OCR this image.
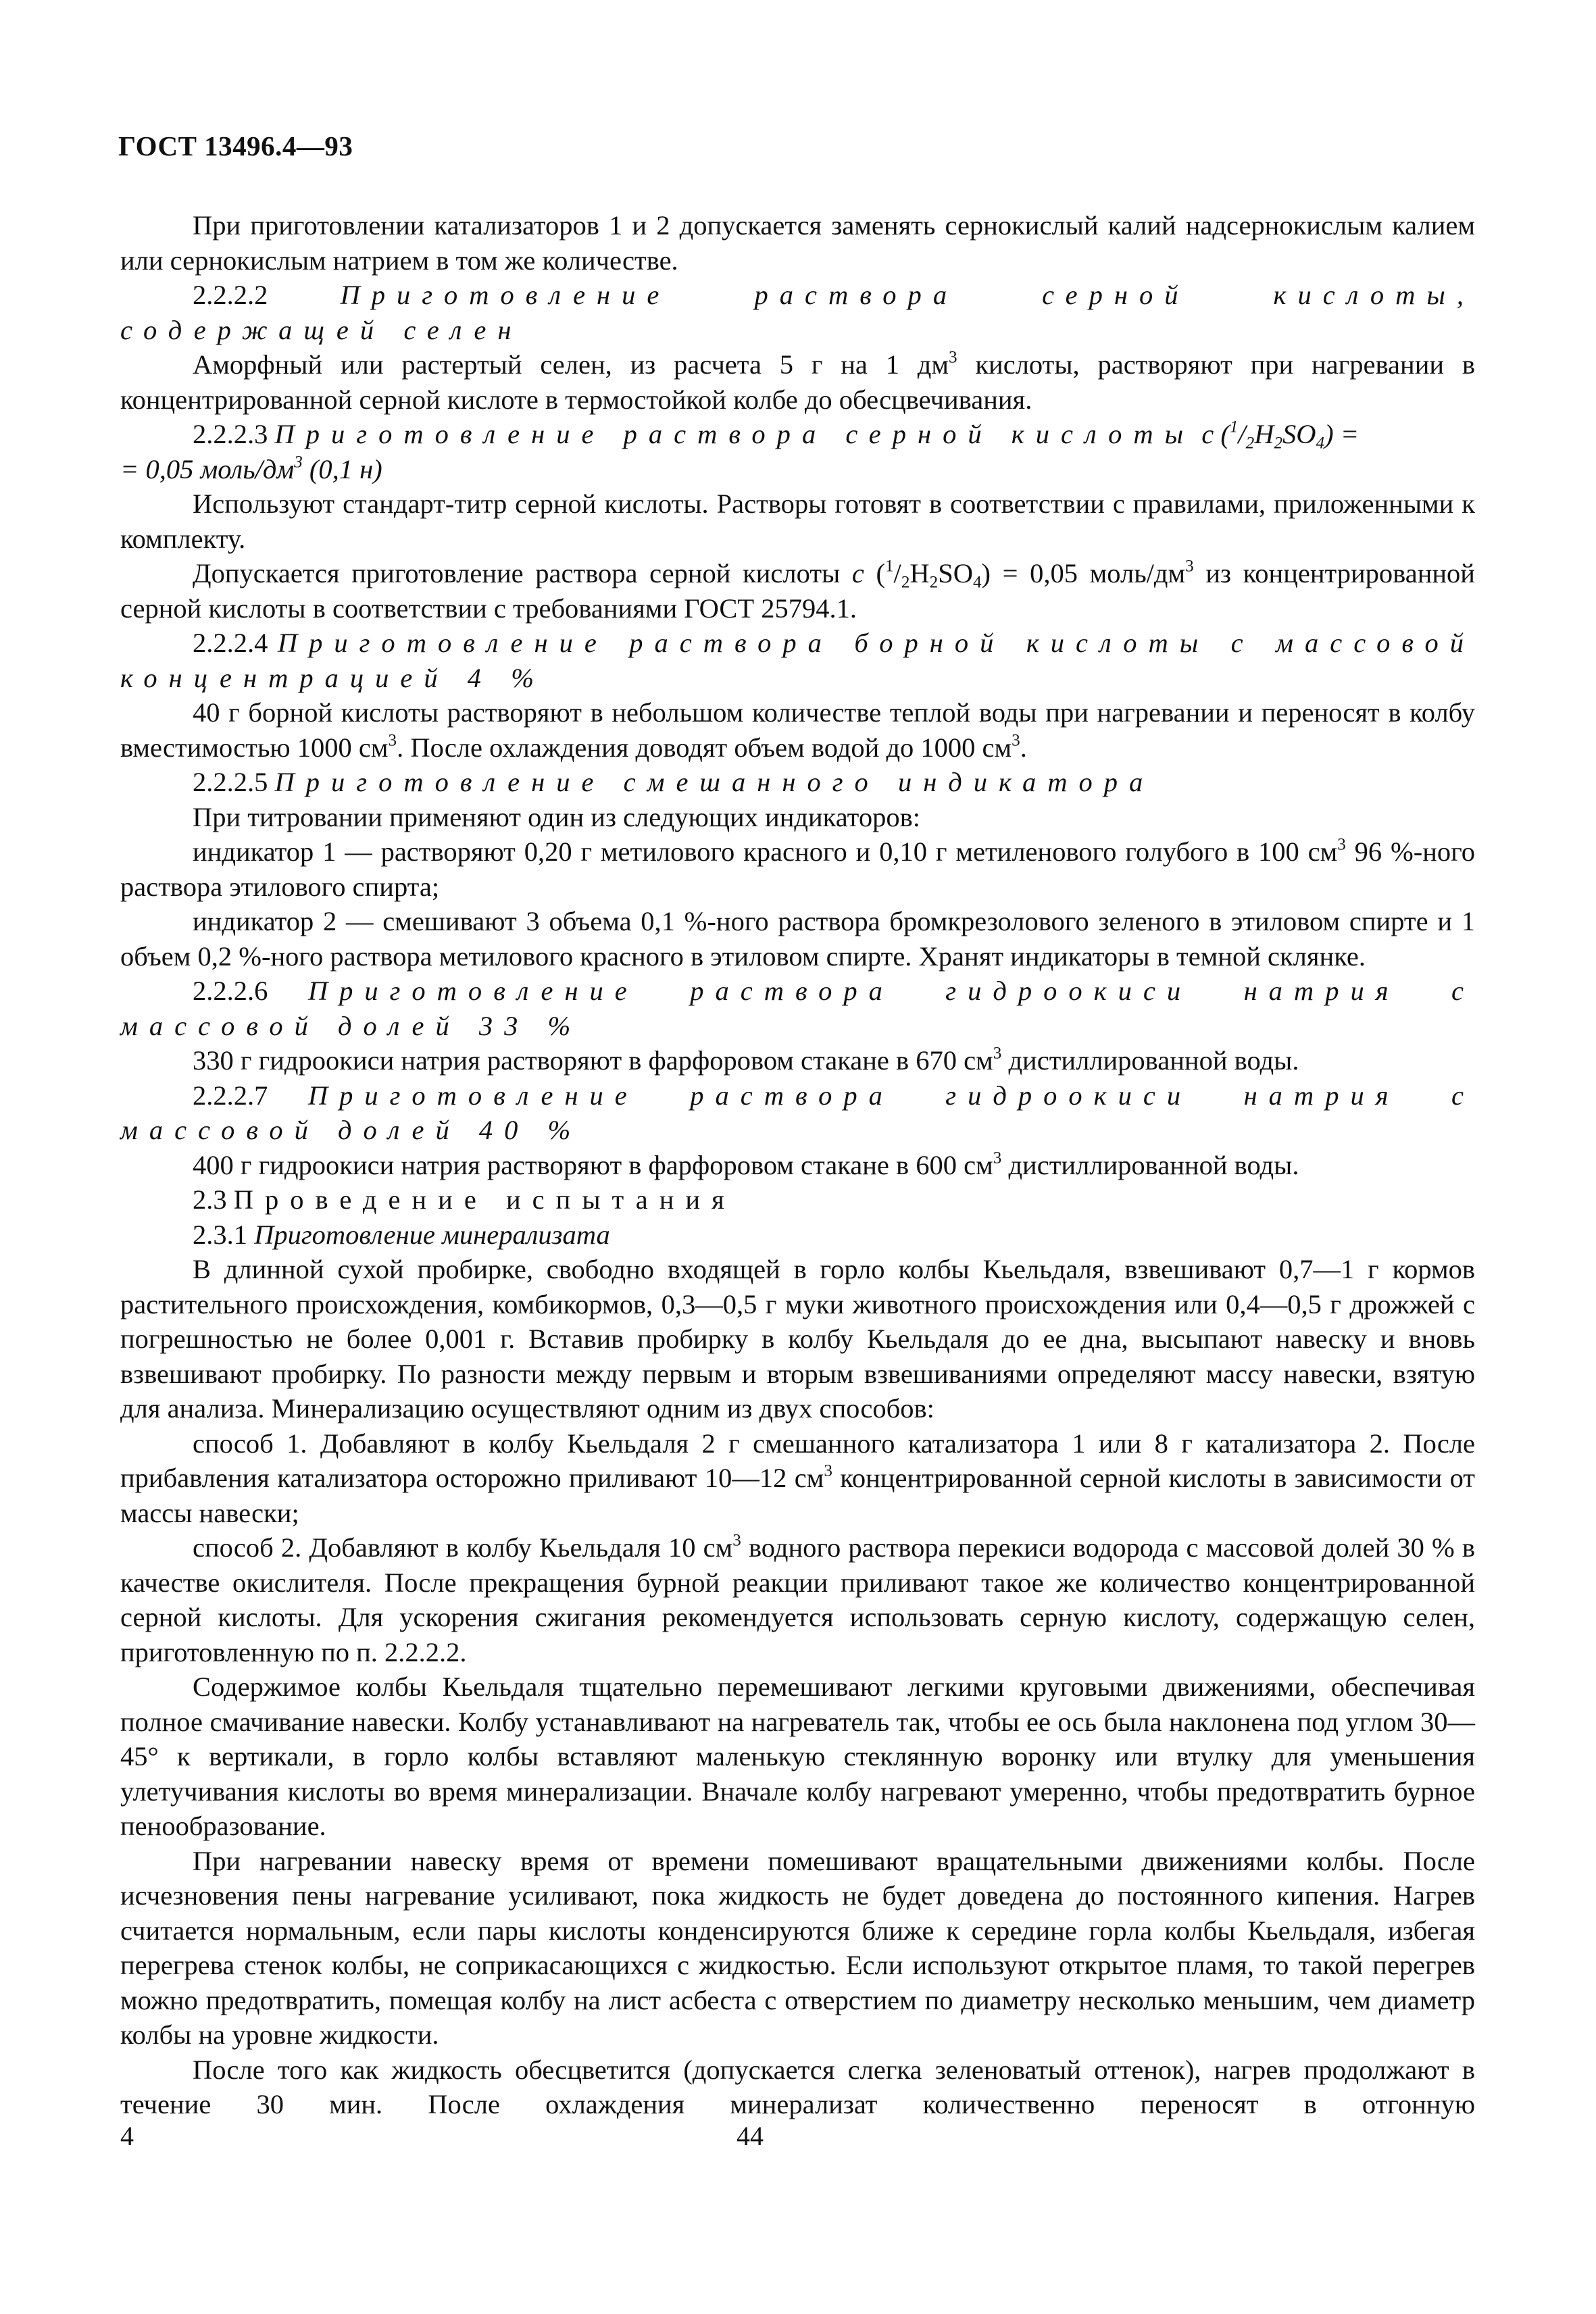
ГОСТ 13496.4—93

При приготовлении катализаторов 1 и 2 допускается заменять сернокислый калий надсернокислым калием или сернокислым натрием в том же количестве.

2.2.2.2	Приготовление раствора серной кислоты, содержащей селен

Аморфный или растертый селен, из расчета 5 г на 1 $дм^3$ кислоты, растворяют при нагревании в концентрированной серной кислоте в термостойкой колбе до обесцвечивания.

2.2.2.3 Приготовление раствора серной кислоты с $(^1/_2H_2SO_4)$ =

= 0,05 моль/$дм^3$ (0,1 н)

Используют стандарт-титр серной кислоты. Растворы готовят в соответствии с правилами, приложенными к комплекту.

Допускается приготовление раствора серной кислоты с $(^1/_2H_2SO_4) = 0,05$ моль/$дм^3$ из концентрированной серной кислоты в соответствии с требованиями ГОСТ 25794.1.

2.2.2.4 Приготовление раствора борной кислоты с массовой концентрацией 4 %

40 г борной кислоты растворяют в небольшом количестве теплой воды при нагревании и переносят в колбу вместимостью 1000 $см^3$. После охлаждения доводят объем водой до 1000 $см^3$.

2.2.2.5 Приготовление смешанного индикатора

При титровании применяют один из следующих индикаторов:

индикатор 1 — растворяют 0,20 г метилового красного и 0,10 г метиленового голубого в 100 $см^3$ 96 %-ного раствора этилового спирта;

индикатор 2 — смешивают 3 объема 0,1 %-ного раствора бромкрезолового зеленого в этиловом спирте и 1 объем 0,2 %-ного раствора метилового красного в этиловом спирте. Хранят индикаторы в темной склянке.

2.2.2.6 Приготовление раствора гидроокиси натрия с массовой долей 33 %

330 г гидроокиси натрия растворяют в фарфоровом стакане в 670 $см^3$ дистиллированной воды.

2.2.2.7 Приготовление раствора гидроокиси натрия с массовой долей 40 %

400 г гидроокиси натрия растворяют в фарфоровом стакане в 600 $см^3$ дистиллированной воды.

2.3 Проведение испытания

2.3.1 Приготовление минерализата

В длинной сухой пробирке, свободно входящей в горло колбы Кьельдаля, взвешивают 0,7—1 г кормов растительного происхождения, комбикормов, 0,3—0,5 г муки животного происхождения или 0,4—0,5 г дрожжей с погрешностью не более 0,001 г. Вставив пробирку в колбу Кьельдаля до ее дна, высыпают навеску и вновь взвешивают пробирку. По разности между первым и вторым взвешиваниями определяют массу навески, взятую для анализа. Минерализацию осуществляют одним из двух способов:

способ 1. Добавляют в колбу Кьельдаля 2 г смешанного катализатора 1 или 8 г катализатора 2. После прибавления катализатора осторожно приливают 10—12 $см^3$ концентрированной серной кислоты в зависимости от массы навески;

способ 2. Добавляют в колбу Кьельдаля 10 $см^3$ водного раствора перекиси водорода с массовой долей 30 % в качестве окислителя. После прекращения бурной реакции приливают такое же количество концентрированной серной кислоты. Для ускорения сжигания рекомендуется использовать серную кислоту, содержащую селен, приготовленную по п. 2.2.2.2.

Содержимое колбы Кьельдаля тщательно перемешивают легкими круговыми движениями, обеспечивая полное смачивание навески. Колбу устанавливают на нагреватель так, чтобы ее ось была наклонена под углом 30—45° к вертикали, в горло колбы вставляют маленькую стеклянную воронку или втулку для уменьшения улетучивания кислоты во время минерализации. Вначале колбу нагревают умеренно, чтобы предотвратить бурное пенообразование.

При нагревании навеску время от времени помешивают вращательными движениями колбы. После исчезновения пены нагревание усиливают, пока жидкость не будет доведена до постоянного кипения. Нагрев считается нормальным, если пары кислоты конденсируются ближе к середине горла колбы Кьельдаля, избегая перегрева стенок колбы, не соприкасающихся с жидкостью. Если используют открытое пламя, то такой перегрев можно предотвратить, помещая колбу на лист асбеста с отверстием по диаметру несколько меньшим, чем диаметр колбы на уровне жидкости.

После того как жидкость обесцветится (допускается слегка зеленоватый оттенок), нагрев продолжают в течение 30 мин. После охлаждения минерализат количественно переносят в отгонную

4	44
